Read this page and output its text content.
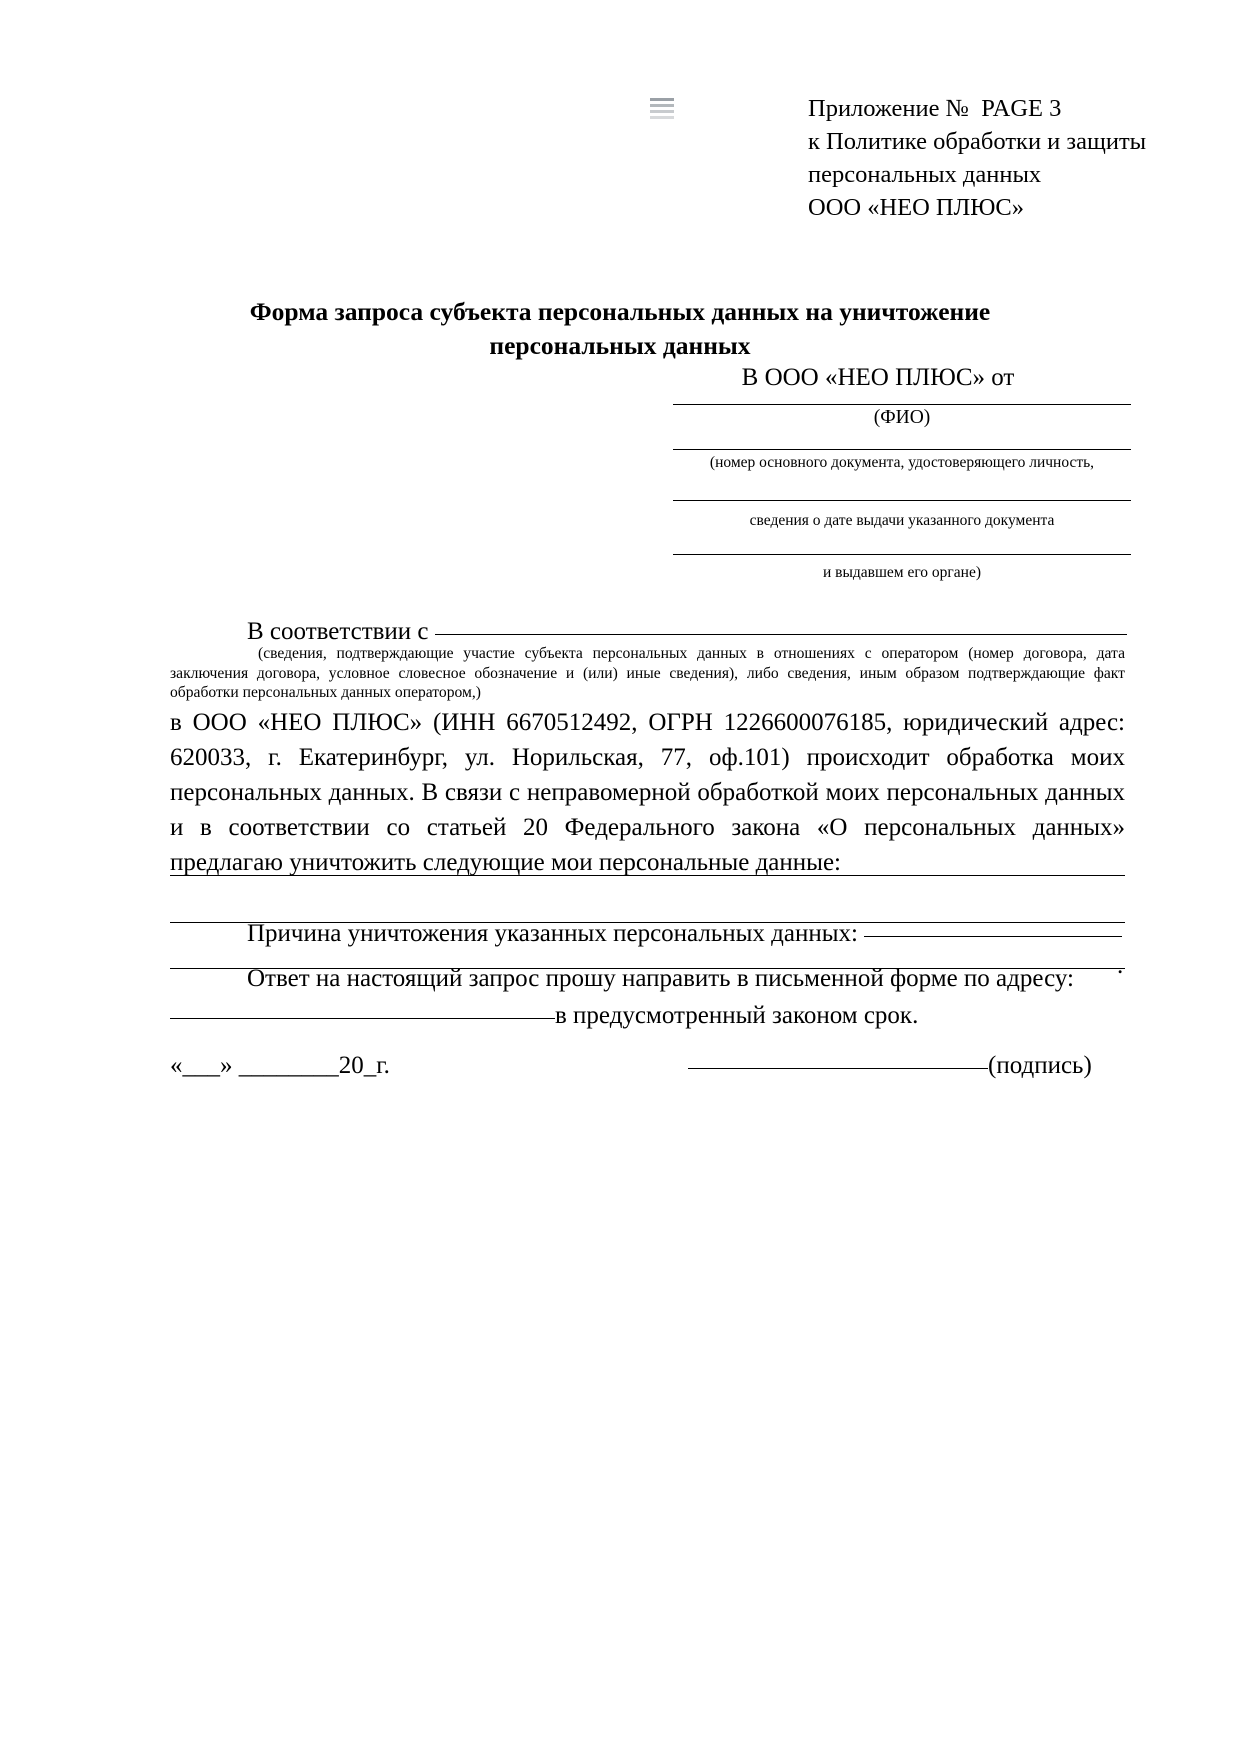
Приложение №  PAGE 3
к Политике обработки и защиты
персональных данных
ООО «НЕО ПЛЮС»
Форма запроса субъекта персональных данных на уничтожение
персональных данных
В ООО «НЕО ПЛЮС» от
(ФИО)
(номер основного документа, удостоверяющего личность,
сведения о дате выдачи указанного документа
и выдавшем его органе)
В соответствии с
(сведения, подтверждающие участие субъекта персональных данных в отношениях с оператором (номер договора, дата заключения договора, условное словесное обозначение и (или) иные сведения), либо сведения, иным образом подтверждающие факт обработки персональных данных оператором,)
в ООО «НЕО ПЛЮС» (ИНН 6670512492, ОГРН 1226600076185, юридический адрес: 620033, г. Екатеринбург, ул. Норильская, 77, оф.101) происходит обработка моих персональных данных. В связи с неправомерной обработкой моих персональных данных и в соответствии со статьей 20 Федерального закона «О персональных данных» предлагаю уничтожить следующие мои персональные данные:
Причина уничтожения указанных персональных данных:
.
Ответ на настоящий запрос прошу направить в письменной форме по адресу:
в предусмотренный законом срок.
«___» ________20_г.	(подпись)
